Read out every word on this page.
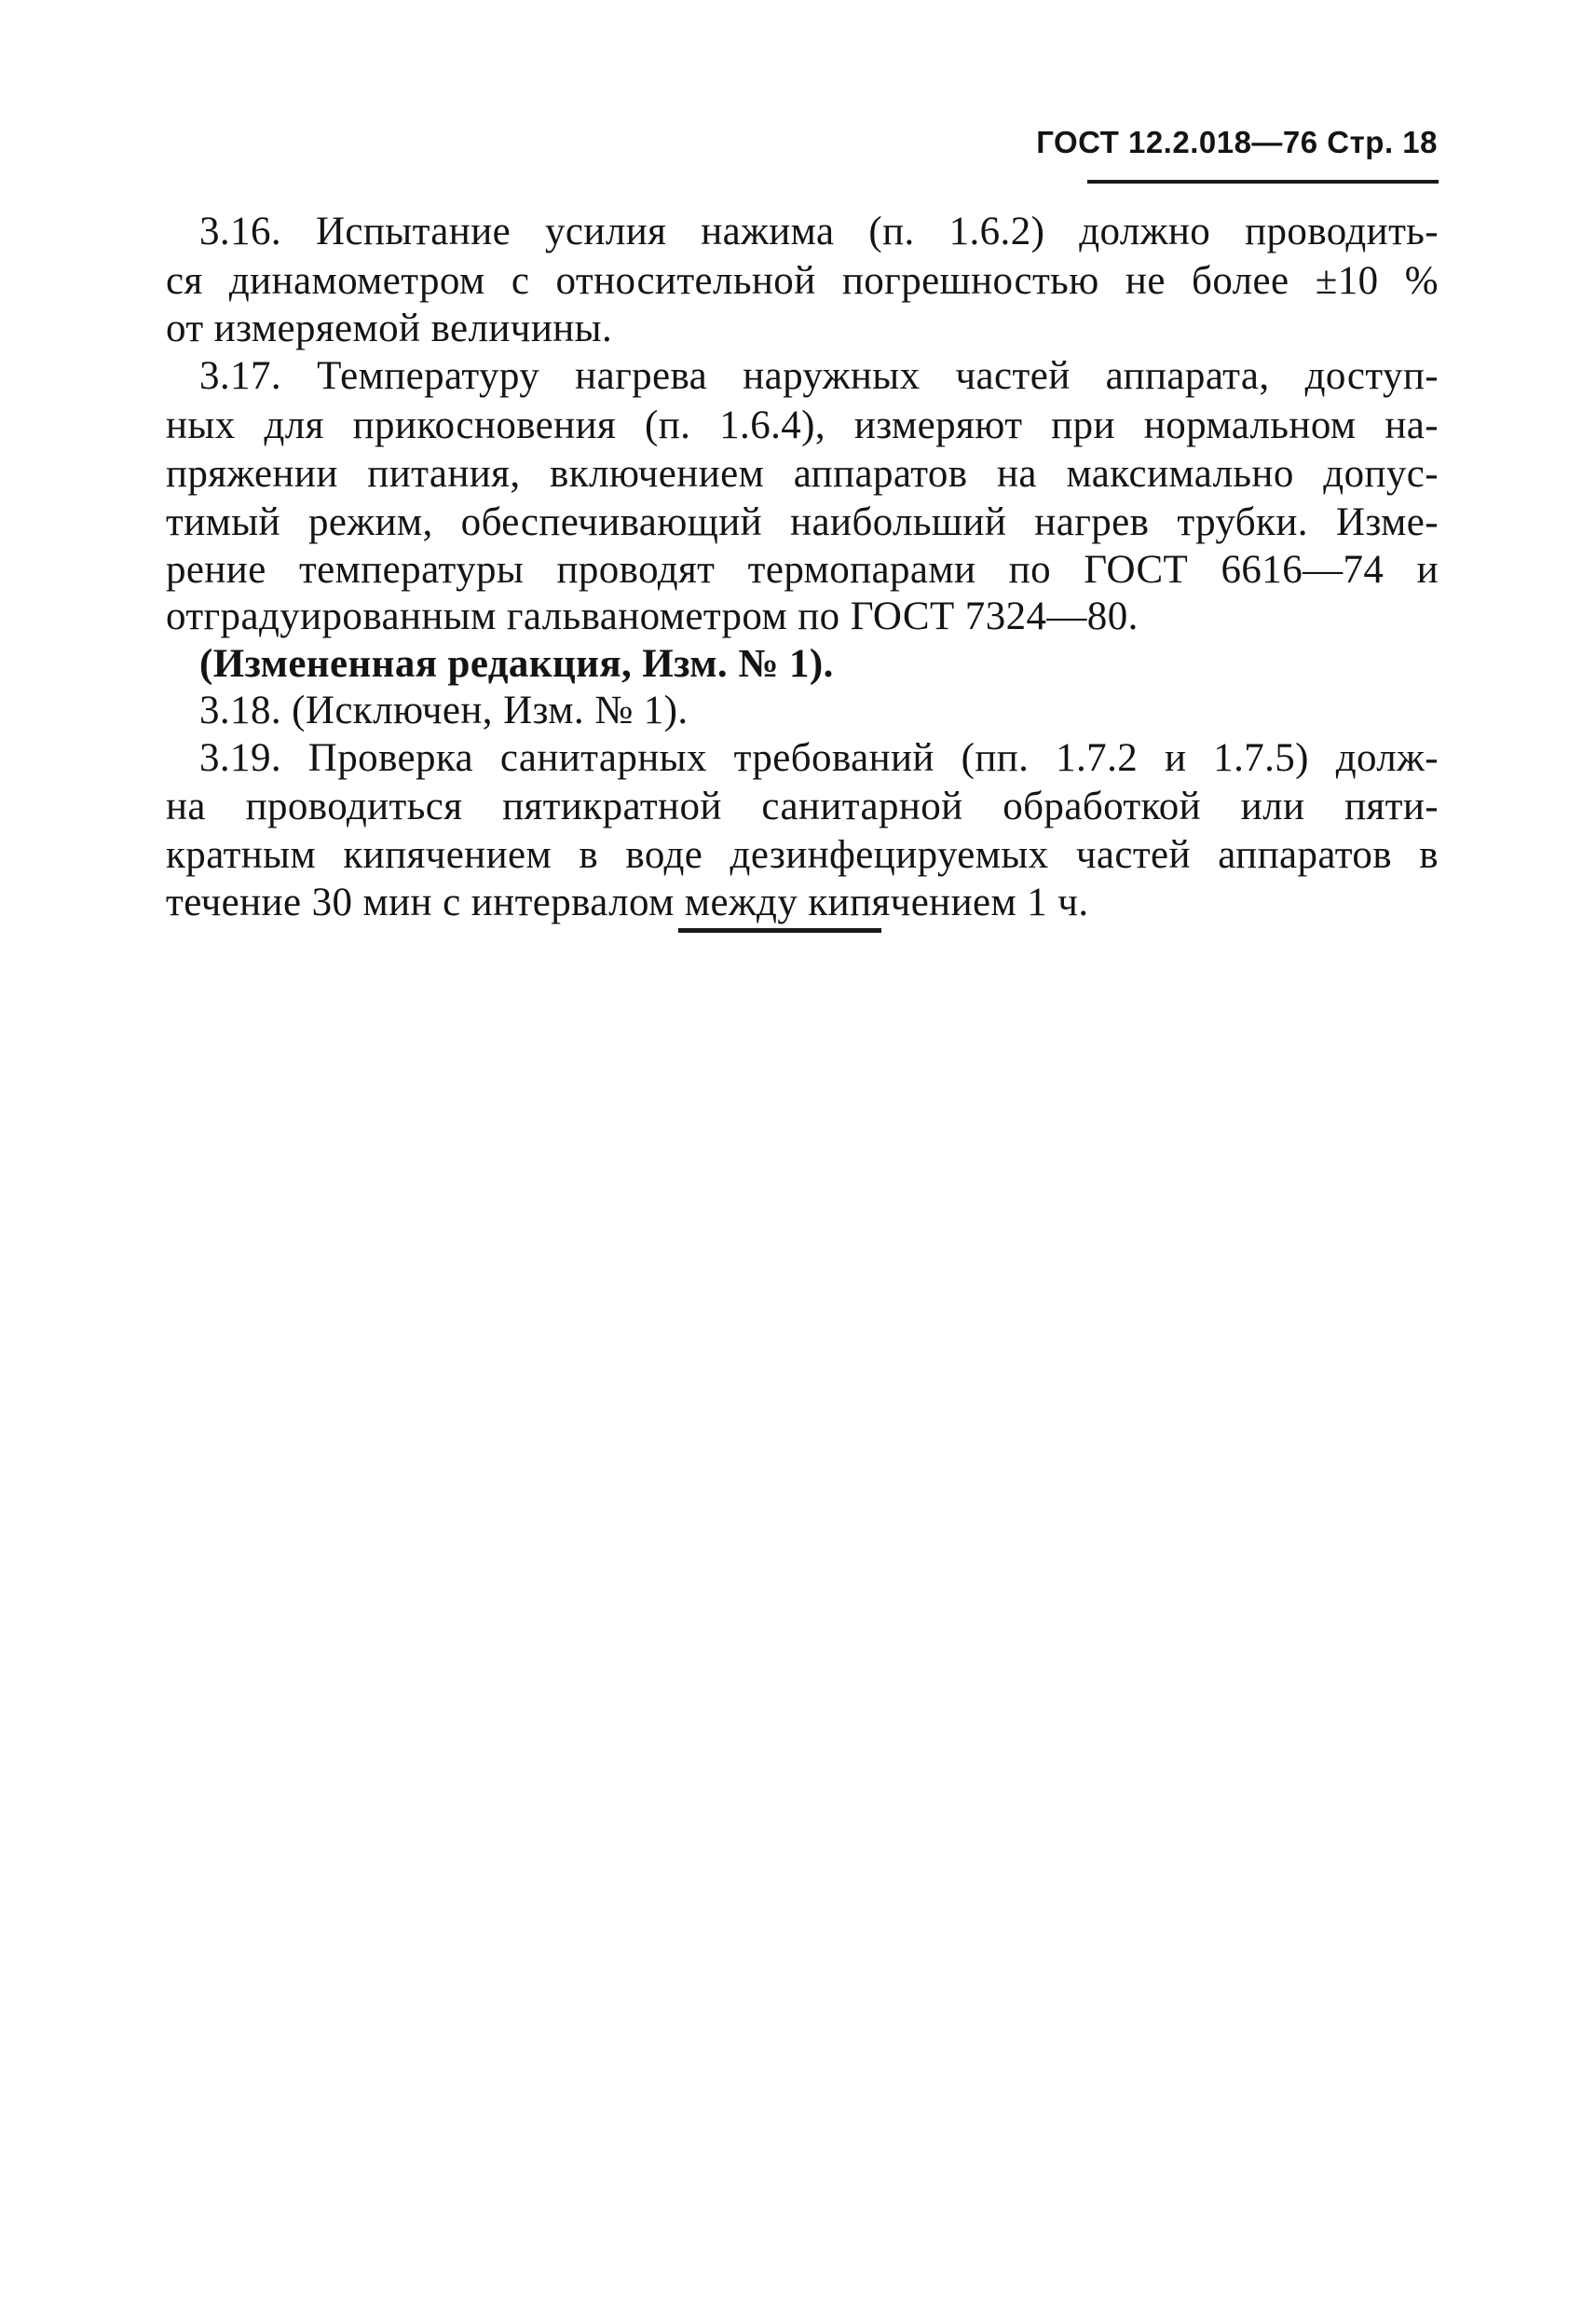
ГОСТ 12.2.018—76 Стр. 18
3.16. Испытание усилия нажима (п. 1.6.2) должно проводить-
ся динамометром с относительной погрешностью не более ±10 %
от измеряемой величины.
3.17. Температуру нагрева наружных частей аппарата, доступ-
ных для прикосновения (п. 1.6.4), измеряют при нормальном на-
пряжении питания, включением аппаратов на максимально допус-
тимый режим, обеспечивающий наибольший нагрев трубки. Изме-
рение температуры проводят термопарами по ГОСТ 6616—74 и
отградуированным гальванометром по ГОСТ 7324—80.
(Измененная редакция, Изм. № 1).
3.18. (Исключен, Изм. № 1).
3.19. Проверка санитарных требований (пп. 1.7.2 и 1.7.5) долж-
на проводиться пятикратной санитарной обработкой или пяти-
кратным кипячением в воде дезинфецируемых частей аппаратов в
течение 30 мин с интервалом между кипячением 1 ч.
